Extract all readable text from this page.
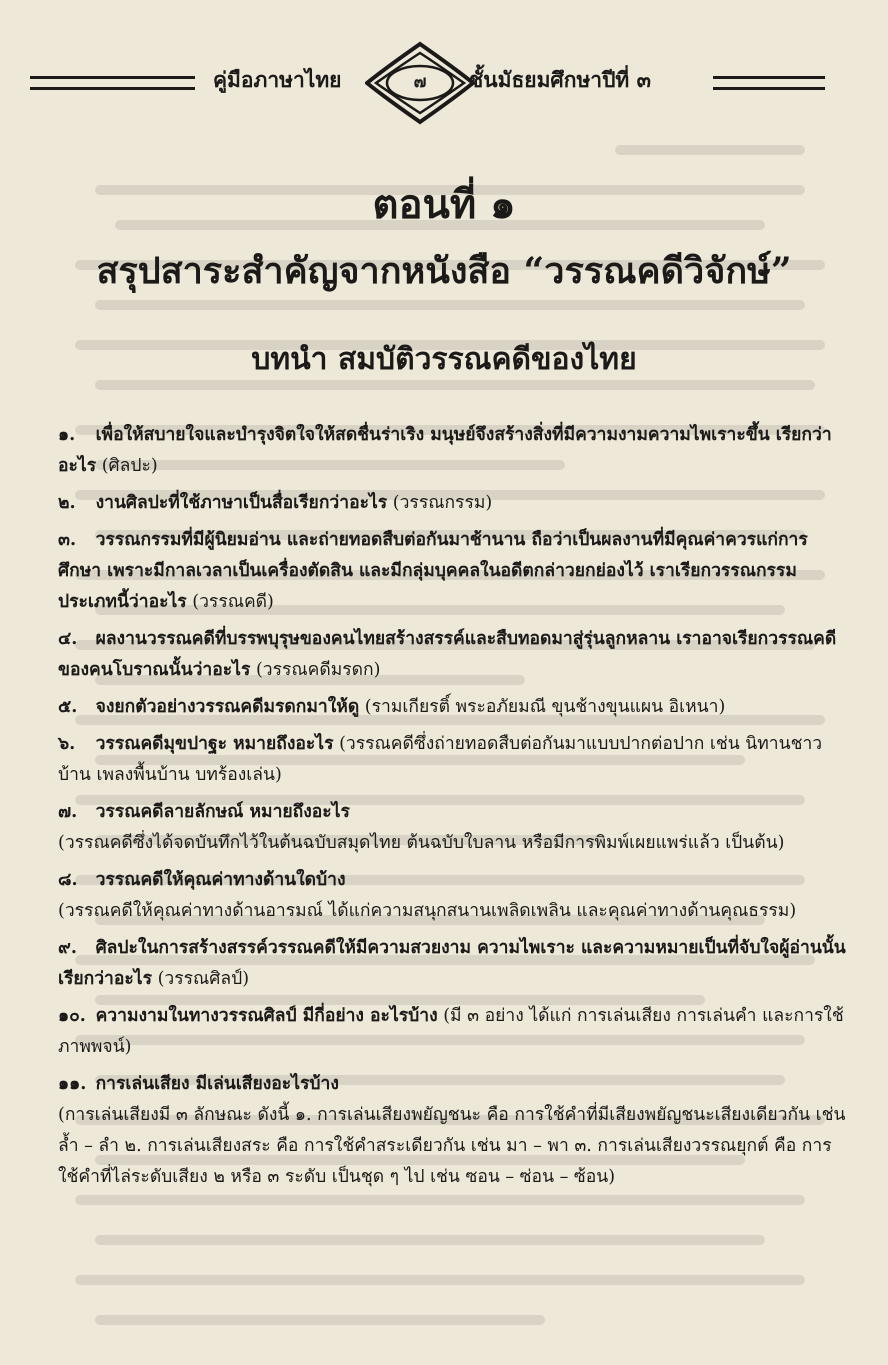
คู่มือภาษาไทย	๗	ชั้นมัธยมศึกษาปีที่ ๓
ตอนที่ ๑
สรุปสาระสำคัญจากหนังสือ “วรรณคดีวิจักษ์”
บทนำ สมบัติวรรณคดีของไทย
๑. เพื่อให้สบายใจและบำรุงจิตใจให้สดชื่นร่าเริง มนุษย์จึงสร้างสิ่งที่มีความงามความไพเราะขึ้น เรียกว่าอะไร (ศิลปะ)
๒. งานศิลปะที่ใช้ภาษาเป็นสื่อเรียกว่าอะไร (วรรณกรรม)
๓. วรรณกรรมที่มีผู้นิยมอ่าน และถ่ายทอดสืบต่อกันมาช้านาน ถือว่าเป็นผลงานที่มีคุณค่าควรแก่การศึกษา เพราะมีกาลเวลาเป็นเครื่องตัดสิน และมีกลุ่มบุคคลในอดีตกล่าวยกย่องไว้ เราเรียกวรรณกรรมประเภทนี้ว่าอะไร (วรรณคดี)
๔. ผลงานวรรณคดีที่บรรพบุรุษของคนไทยสร้างสรรค์และสืบทอดมาสู่รุ่นลูกหลาน เราอาจเรียกวรรณคดีของคนโบราณนั้นว่าอะไร (วรรณคดีมรดก)
๕. จงยกตัวอย่างวรรณคดีมรดกมาให้ดู (รามเกียรติ์ พระอภัยมณี ขุนช้างขุนแผน อิเหนา)
๖. วรรณคดีมุขปาฐะ หมายถึงอะไร (วรรณคดีซึ่งถ่ายทอดสืบต่อกันมาแบบปากต่อปาก เช่น นิทานชาวบ้าน เพลงพื้นบ้าน บทร้องเล่น)
๗. วรรณคดีลายลักษณ์ หมายถึงอะไร
(วรรณคดีซึ่งได้จดบันทึกไว้ในต้นฉบับสมุดไทย ต้นฉบับใบลาน หรือมีการพิมพ์เผยแพร่แล้ว เป็นต้น)
๘. วรรณคดีให้คุณค่าทางด้านใดบ้าง
(วรรณคดีให้คุณค่าทางด้านอารมณ์ ได้แก่ความสนุกสนานเพลิดเพลิน และคุณค่าทางด้านคุณธรรม)
๙. ศิลปะในการสร้างสรรค์วรรณคดีให้มีความสวยงาม ความไพเราะ และความหมายเป็นที่จับใจผู้อ่านนั้นเรียกว่าอะไร (วรรณศิลป์)
๑๐. ความงามในทางวรรณศิลป์ มีกี่อย่าง อะไรบ้าง (มี ๓ อย่าง ได้แก่ การเล่นเสียง การเล่นคำ และการใช้ภาพพจน์)
๑๑. การเล่นเสียง มีเล่นเสียงอะไรบ้าง
(การเล่นเสียงมี ๓ ลักษณะ ดังนี้ ๑. การเล่นเสียงพยัญชนะ คือ การใช้คำที่มีเสียงพยัญชนะเสียงเดียวกัน เช่น ล้ำ – ลำ ๒. การเล่นเสียงสระ คือ การใช้คำสระเดียวกัน เช่น มา – พา ๓. การเล่นเสียงวรรณยุกต์ คือ การใช้คำที่ไล่ระดับเสียง ๒ หรือ ๓ ระดับ เป็นชุด ๆ ไป เช่น ซอน – ซ่อน – ซ้อน)
